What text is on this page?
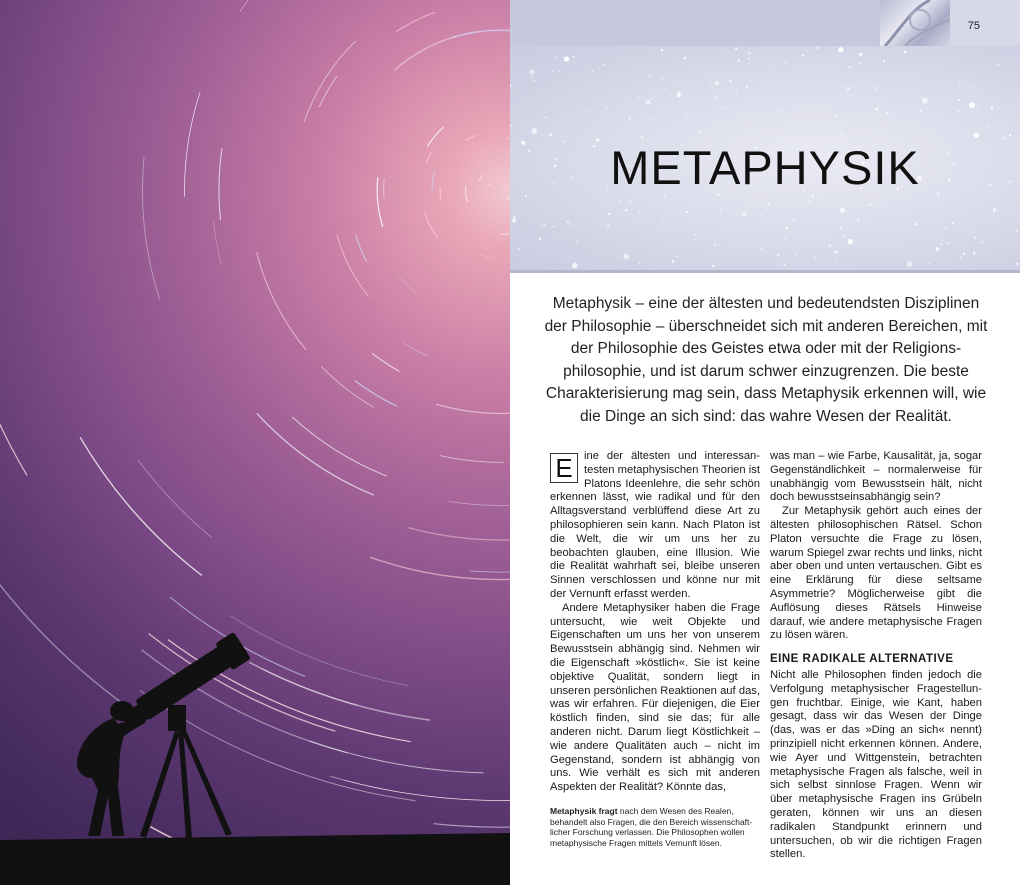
75
METAPHYSIK

Metaphysik – eine der ältesten und bedeutendsten Disziplinen der Philosophie – überschneidet sich mit anderen Bereichen, mit der Philosophie des Geistes etwa oder mit der Religionsphilosophie, und ist darum schwer einzugrenzen. Die beste Charakterisierung mag sein, dass Metaphysik erkennen will, wie die Dinge an sich sind: das wahre Wesen der Realität.

E	ine der ältesten und interessantesten metaphysischen Theorien ist Platons Ideenlehre, die sehr schön erkennen lässt, wie radikal und für den Alltagsverstand verblüffend diese Art zu philosophieren sein kann. Nach Platon ist die Welt, die wir um uns her zu beobachten glauben, eine Illusion. Wie die Realität wahrhaft sei, bleibe unseren Sinnen verschlossen und könne nur mit der Vernunft erfasst werden.

Andere Metaphysiker haben die Frage untersucht, wie weit Objekte und Eigenschaften um uns her von unserem Bewusstsein abhängig sind. Nehmen wir die Eigenschaft »köstlich«. Sie ist keine objektive Qualität, sondern liegt in unseren persönlichen Reaktionen auf das, was wir erfahren. Für diejenigen, die Eier köstlich finden, sind sie das; für alle anderen nicht. Darum liegt Köstlichkeit – wie andere Qualitäten auch – nicht im Gegenstand, sondern ist abhängig von uns. Wie verhält es sich mit anderen Aspekten der Realität? Könnte das,

was man – wie Farbe, Kausalität, ja, sogar Gegenständlichkeit – normalerweise für unabhängig vom Bewusstsein hält, nicht doch bewusstseinsabhängig sein?

Zur Metaphysik gehört auch eines der ältesten philosophischen Rätsel. Schon Platon versuchte die Frage zu lösen, warum Spiegel zwar rechts und links, nicht aber oben und unten vertauschen. Gibt es eine Erklärung für diese seltsame Asymmetrie? Möglicherweise gibt die Auflösung dieses Rätsels Hinweise darauf, wie andere metaphysische Fragen zu lösen wären.

EINE RADIKALE ALTERNATIVE

Nicht alle Philosophen finden jedoch die Verfolgung metaphysischer Fragestellungen fruchtbar. Einige, wie Kant, haben gesagt, dass wir das Wesen der Dinge (das, was er das »Ding an sich« nennt) prinzipiell nicht erkennen können. Andere, wie Ayer und Wittgenstein, betrachten metaphysische Fragen als falsche, weil in sich selbst sinnlose Fragen. Wenn wir über metaphysische Fragen ins Grübeln geraten, können wir uns an diesen radikalen Standpunkt erinnern und untersuchen, ob wir die richtigen Fragen stellen.

Metaphysik fragt nach dem Wesen des Realen, behandelt also Fragen, die den Bereich wissenschaftlicher Forschung verlassen. Die Philosophen wollen metaphysische Fragen mittels Vernunft lösen.
